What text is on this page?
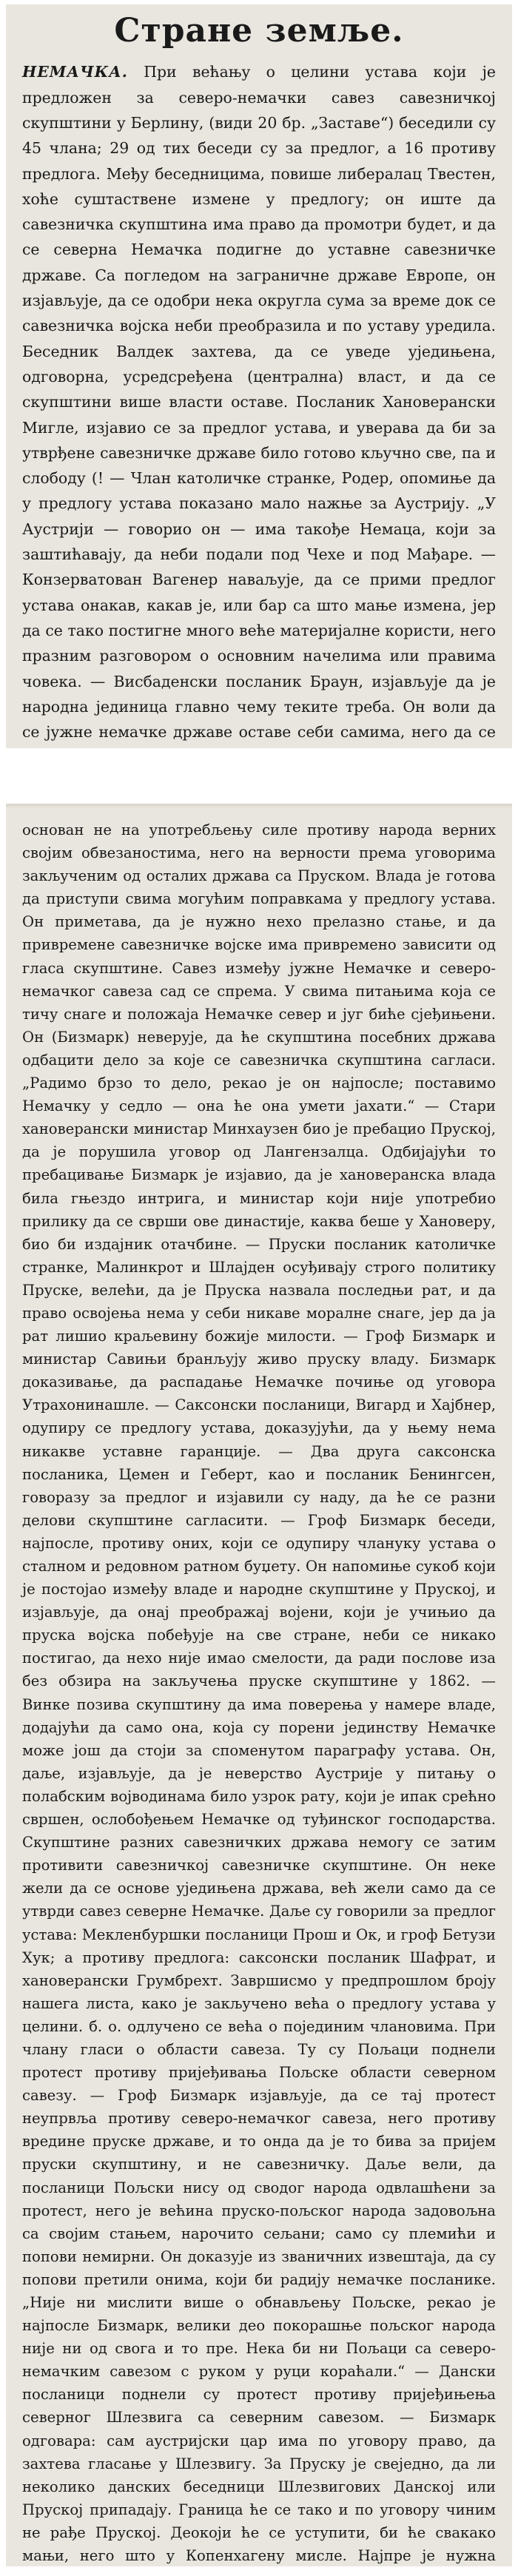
Стране земље.

НЕМАЧКА. При већању о целини устава који је предложен за северо-немачки савез савезничкој скупштини у Берлину, (види 20 бр. „Заставе“) беседили су 45 члана; 29 од тих беседи су за предлог, а 16 противу предлога. Међу беседницима, повише либералац Твестен, хоће суштаствене измене у предлогу; он иште да савезничка скупштина има право да промотри будет, и да се северна Немачка подигне до уставне савезничке државе. Са погледом на заграничне државе Европе, он изјављује, да се одобри нека округла сума за време док се савезничка војска неби преобразила и по уставу уредила. Беседник Валдек захтева, да се уведе уједињена, одговорна, усредсређена (централна) власт, и да се скупштини више власти оставе. Посланик Хановерански Миглe, изјавио се за предлог устава, и уверава да би за утврђене савезничке државе било готово кључно све, па и слободу (! — Члан католичке странке, Родер, опомиње да у предлогу устава показано мало нажње за Аустрију. „У Аустрији — говорио он — има такође Немаца, који за заштићавају, да неби подали под Чехе и под Мађаре. — Конзерватован Вагенер наваљује, да се прими предлог устава онакав, какав је, или бар са што мање измена, јер да се тако постигне много веће материјалне користи, него празним разговором о основним начелима или правима човека. — Висбаденски посланик Браун, изјављује да је народна јединица главно чему теките треба. Он вoли да се јужне немачке државе оставе себи самима, него да се

основан не на употребљењу силе противу народа верних својим обвезаностима, него на верности према уговорима закљученим од осталих држава са Пруском. Влада је готова да приступи свима могућим поправкама у предлогу устава. Он приметава, да је нужно нехо прелазно стање, и да привремене савезничке војске има привремено зависити од гласа скупштине. Савез између јужне Немачке и северо-немачког савеза сад се спрема. У свима питањима која се тичу снаге и положаја Немачке север и југ биће сјеђињени. Он (Бизмарк) неверује, да ће скупштина посебних држава одбацити дело за које се савезничка скупштина сагласи. „Радимо брзо то дело, рекао је он најпосле; поставимо Немачку у седло — она ће она умети јахати.“ — Стари хановерански министар Минхаузен био је пребацио Пруској, да је порушила уговор од Лангензалца. Одбијајући то пребацивање Бизмарк је изјавио, да је хановеранска влада била гњездо интрига, и министар који није употребио прилику да се сврши ове династије, каква беше у Хановеру, био би издајник отачбине. — Пруски посланик католичке странке, Малинкрот и Шлајден осуђивају строго политику Пруске, велећи, да је Пруска назвала последњи рат, и да право освојења нема у себи никаве моралне снаге, јер да ја рат лишио краљевину божије милости. — Гроф Бизмарк и министар Савињи бранљују живо пруску владу. Бизмарк доказивање, да распадање Немачке почиње од уговора Утрахонинашле. — Саксонски посланици, Вигард и Хајбнер, одупиру се предлогу устава, доказујући, да у њему нема никакве уставне гаранције. — Два друга саксонска посланика, Цемен и Геберт, као и посланик Бенингсен, говоразу за предлог и изјавили су наду, да ће се разни делови скупштине сагласити. — Гроф Бизмарк беседи, најпосле, противу оних, који се одупиру члануку устава о сталном и редовном ратном буџету. Он напомиње сукоб који је постојао између владе и народне скупштине у Пруској, и изјављује, да онај преображај војени, који је учињио да пруска војска побеђује на све стране, неби се никако постигао, да нехо није имао смелости, да ради послове иза без обзира на закључења пруске скупштине у 1862. — Винке позива скупштину да има поверења у намере владе, додајући да само она, која су порени јединству Немачке може још да стоји за споменутом параграфу устава. Он, даље, изјављује, да је неверство Аустрије у питању о полабским војводинама било узрок рату, који је ипак срећно свршен, ослобођењем Немачке од туђинског господарства. Скупштине разних савезничких држава немогу се затим противити савезничкој савезничке скупштине. Он неке жели да се основе уједињена држава, већ жели само да се утврди савез северне Немачке. Даље су говорили за предлог устава: Мекленбуршки посланици Прош и Ок, и гроф Бетузи Хук; а противу предлога: саксонски посланик Шафрат, и хановерански Грумбрехт. Завршисмо у предпрошлом броју нашега листа, како је закључено већа о предлогу устава у целини. б. о. одлучено се већа о појединим члановима. При члану гласи о области савеза. Ту су Пољаци поднели протест противу пријеђивања Пољске области северном савезу. — Гроф Бизмарк изјављује, да се тај протест неупрвља противу северо-немачког савеза, него противу вредине пруске државе, и то онда да је то бива за пријем пруски скупштину, и не савезничку. Даље вели, да посланици Пољски нису од сводог народа одвлашћени за протест, него је већина пруско-пољског народа задовољна са својим стањем, нарочито сељани; само су племићи и попови немирни. Он доказује из званичних извештаја, да су попови претили онима, који би радију немачке посланике. „Није ни мислити више о обнављењу Пољске, рекао је најпосле Бизмарк, велики део покорашње пољског народа није ни од свога и то пре. Нека би ни Пољаци са северо-немачким савезом с руком у руци кораћали.“ — Дански посланици поднели су протест противу пријеђињења северног Шлезвига са северним савезом. — Бизмарк одговара: сам аустријски цар има по уговору право, да захтева гласање у Шлезвигу. За Пруску је свеједно, да ли неколико данских беседници Шлезвигових Данској или Пруској припадају. Граница ће се тако и по уговору чиним не рађе Пруској. Деокоји ће се уступити, би ће свакако мањи, него што у Копенхагену мисле. Најпре је нужна
